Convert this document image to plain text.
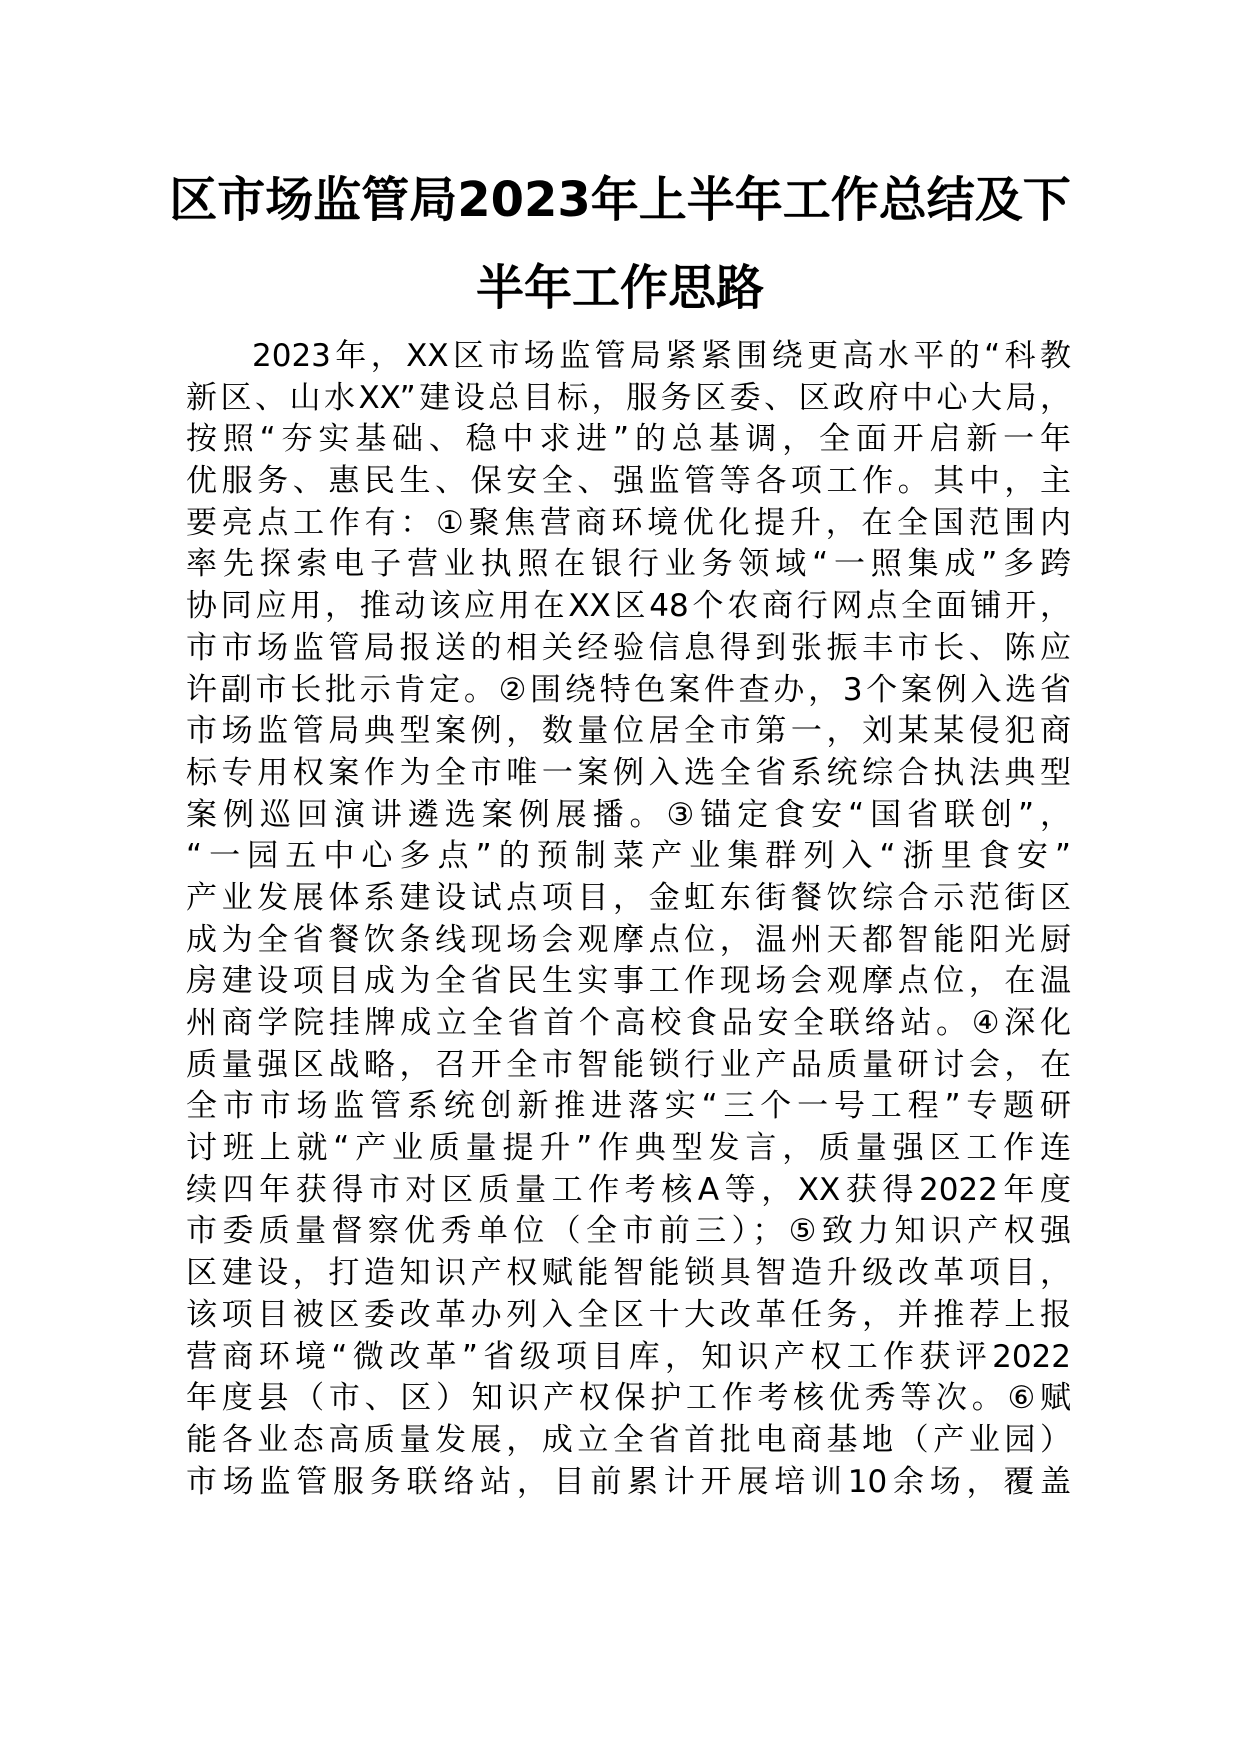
区市场监管局2023年上半年工作总结及下
半年工作思路
2023年，XX区市场监管局紧紧围绕更高水平的“科教
新区、山水XX”建设总目标，服务区委、区政府中心大局，
按照“夯实基础、稳中求进”的总基调，全面开启新一年
优服务、惠民生、保安全、强监管等各项工作。其中，主
要亮点工作有：①聚焦营商环境优化提升，在全国范围内
率先探索电子营业执照在银行业务领域“一照集成”多跨
协同应用，推动该应用在XX区48个农商行网点全面铺开，
市市场监管局报送的相关经验信息得到张振丰市长、陈应
许副市长批示肯定。②围绕特色案件查办，3个案例入选省
市场监管局典型案例，数量位居全市第一，刘某某侵犯商
标专用权案作为全市唯一案例入选全省系统综合执法典型
案例巡回演讲遴选案例展播。③锚定食安“国省联创”，
“一园五中心多点”的预制菜产业集群列入“浙里食安”
产业发展体系建设试点项目，金虹东街餐饮综合示范街区
成为全省餐饮条线现场会观摩点位，温州天都智能阳光厨
房建设项目成为全省民生实事工作现场会观摩点位，在温
州商学院挂牌成立全省首个高校食品安全联络站。④深化
质量强区战略，召开全市智能锁行业产品质量研讨会，在
全市市场监管系统创新推进落实“三个一号工程”专题研
讨班上就“产业质量提升”作典型发言，质量强区工作连
续四年获得市对区质量工作考核A等，XX获得2022年度
市委质量督察优秀单位（全市前三）；⑤致力知识产权强
区建设，打造知识产权赋能智能锁具智造升级改革项目，
该项目被区委改革办列入全区十大改革任务，并推荐上报
营商环境“微改革”省级项目库，知识产权工作获评2022
年度县（市、区）知识产权保护工作考核优秀等次。⑥赋
能各业态高质量发展，成立全省首批电商基地（产业园）
市场监管服务联络站，目前累计开展培训10余场，覆盖
